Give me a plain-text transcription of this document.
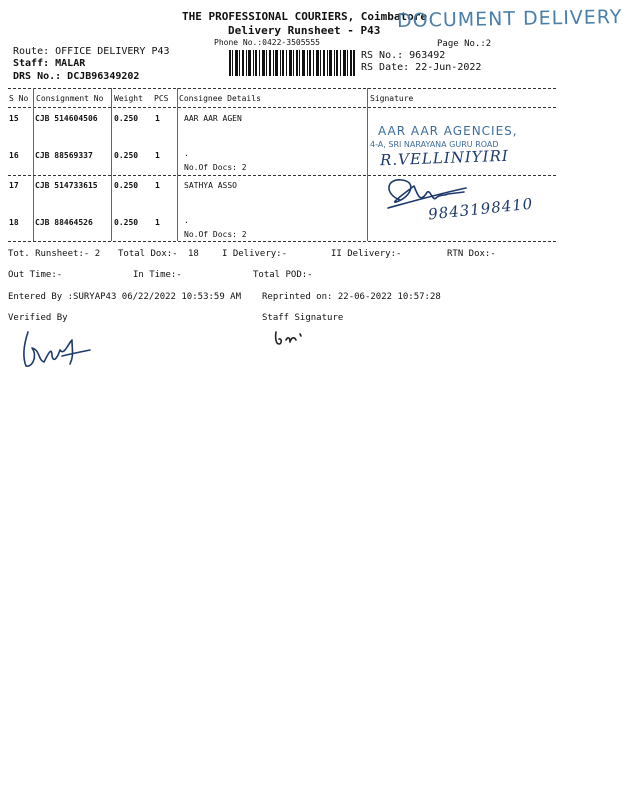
THE PROFESSIONAL COURIERS, Coimbatore
Delivery Runsheet - P43
Phone No.:0422-3505555	Page No.:2
DOCUMENT DELIVERY
Route: OFFICE DELIVERY P43
Staff: MALAR
DRS No.: DCJB96349202
RS No.: 963492
RS Date: 22-Jun-2022
S No Consignment No Weight PCS Consignee Details	Signature
15 CJB 514604506 0.250 1	AAR AAR AGEN
16 CJB 88569337	0.250 1	.
No.Of Docs: 2
17 CJB 514733615 0.250 1	SATHYA ASSO
18 CJB 88464526	0.250 1	.
No.Of Docs: 2
AAR AAR AGENCIES,
4-A, SRI NARAYANA GURU ROAD
R.VELLINIYIRI
9843198410
Tot. Runsheet:- 2 Total Dox:- 18	I Delivery:-	II Delivery:-	RTN Dox:-
Out Time:-	In Time:-	Total POD:-
Entered By :SURYAP43 06/22/2022 10:53:59 AM Reprinted on: 22-06-2022 10:57:28
Verified By	Staff Signature
